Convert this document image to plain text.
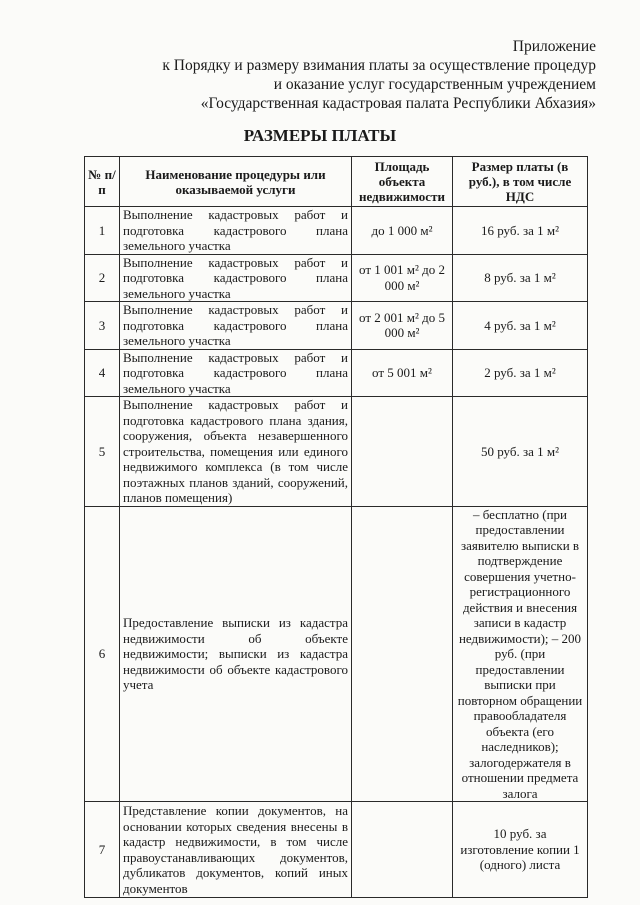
Приложение
к Порядку и размеру взимания платы за осуществление процедур
и оказание услуг государственным учреждением
«Государственная кадастровая палата Республики Абхазия»
РАЗМЕРЫ ПЛАТЫ
№ п/п	Наименование процедуры или оказываемой услуги	Площадь объекта недвижимости	Размер платы (в руб.), в том числе НДС
1	Выполнение кадастровых работ и подготовка кадастрового плана земельного участка	до 1 000 м²	16 руб. за 1 м²
2	Выполнение кадастровых работ и подготовка кадастрового плана земельного участка	от 1 001 м² до 2 000 м²	8 руб. за 1 м²
3	Выполнение кадастровых работ и подготовка кадастрового плана земельного участка	от 2 001 м² до 5 000 м²	4 руб. за 1 м²
4	Выполнение кадастровых работ и подготовка кадастрового плана земельного участка	от 5 001 м²	2 руб. за 1 м²
5	Выполнение кадастровых работ и подготовка кадастрового плана здания, сооружения, объекта незавершенного строительства, помещения или единого недвижимого комплекса (в том числе поэтажных планов зданий, сооружений, планов помещения)		50 руб. за 1 м²
6	Предоставление выписки из кадастра недвижимости об объекте недвижимости; выписки из кадастра недвижимости об объекте кадастрового учета		– бесплатно (при предоставлении заявителю выписки в подтверждение совершения учетно-регистрационного действия и внесения записи в кадастр недвижимости); – 200 руб. (при предоставлении выписки при повторном обращении правообладателя объекта (его наследников); залогодержателя в отношении предмета залога
7	Представление копии документов, на основании которых сведения внесены в кадастр недвижимости, в том числе правоустанавливающих документов, дубликатов документов, копий иных документов		10 руб. за изготовление копии 1 (одного) листа
